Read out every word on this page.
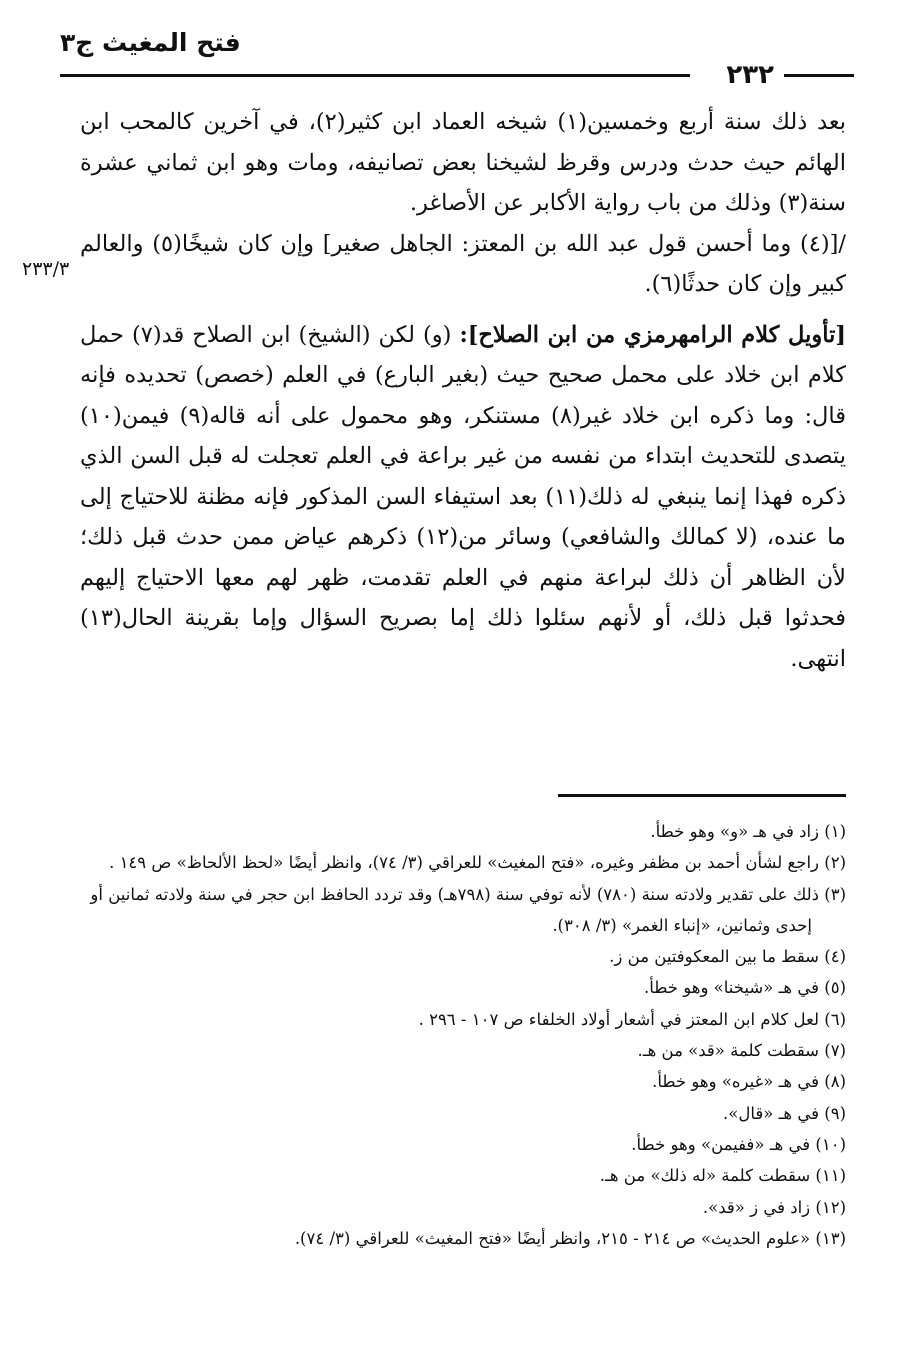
فتح المغيث ج٣
٢٣٢
٢٣٣/٣

بعد ذلك سنة أربع وخمسين(١) شيخه العماد ابن كثير(٢)، في آخرين كالمحب ابن الهائم حيث حدث ودرس وقرظ لشيخنا بعض تصانيفه، ومات وهو ابن ثماني عشرة سنة(٣) وذلك من باب رواية الأكابر عن الأصاغر.

/[(٤) وما أحسن قول عبد الله بن المعتز: الجاهل صغير] وإن كان شيخًا(٥) والعالم كبير وإن كان حدثًا(٦).

[تأويل كلام الرامهرمزي من ابن الصلاح]: (و) لكن (الشيخ) ابن الصلاح قد(٧) حمل كلام ابن خلاد على محمل صحيح حيث (بغير البارع) في العلم (خصص) تحديده فإنه قال: وما ذكره ابن خلاد غير(٨) مستنكر، وهو محمول على أنه قاله(٩) فيمن(١٠) يتصدى للتحديث ابتداء من نفسه من غير براعة في العلم تعجلت له قبل السن الذي ذكره فهذا إنما ينبغي له ذلك(١١) بعد استيفاء السن المذكور فإنه مظنة للاحتياج إلى ما عنده، (لا كمالك والشافعي) وسائر من(١٢) ذكرهم عياض ممن حدث قبل ذلك؛ لأن الظاهر أن ذلك لبراعة منهم في العلم تقدمت، ظهر لهم معها الاحتياج إليهم فحدثوا قبل ذلك، أو لأنهم سئلوا ذلك إما بصريح السؤال وإما بقرينة الحال(١٣) انتهى.

(١) زاد في هـ «و» وهو خطأ.

(٢) راجع لشأن أحمد بن مظفر وغيره، «فتح المغيث» للعراقي (٣/ ٧٤)، وانظر أيضًا «لحظ الألحاظ» ص ١٤٩ .

(٣) ذلك على تقدير ولادته سنة (٧٨٠) لأنه توفي سنة (٧٩٨هـ) وقد تردد الحافظ ابن حجر في سنة ولادته ثمانين أو إحدى وثمانين، «إنباء الغمر» (٣/ ٣٠٨).

(٤) سقط ما بين المعكوفتين من ز.

(٥) في هـ «شيخنا» وهو خطأ.

(٦) لعل كلام ابن المعتز في أشعار أولاد الخلفاء ص ١٠٧ - ٢٩٦ .

(٧) سقطت كلمة «قد» من هـ.

(٨) في هـ «غيره» وهو خطأ.

(٩) في هـ «قال».

(١٠) في هـ «ففيمن» وهو خطأ.

(١١) سقطت كلمة «له ذلك» من هـ.

(١٢) زاد في ز «قد».

(١٣) «علوم الحديث» ص ٢١٤ - ٢١٥، وانظر أيضًا «فتح المغيث» للعراقي (٣/ ٧٤).
